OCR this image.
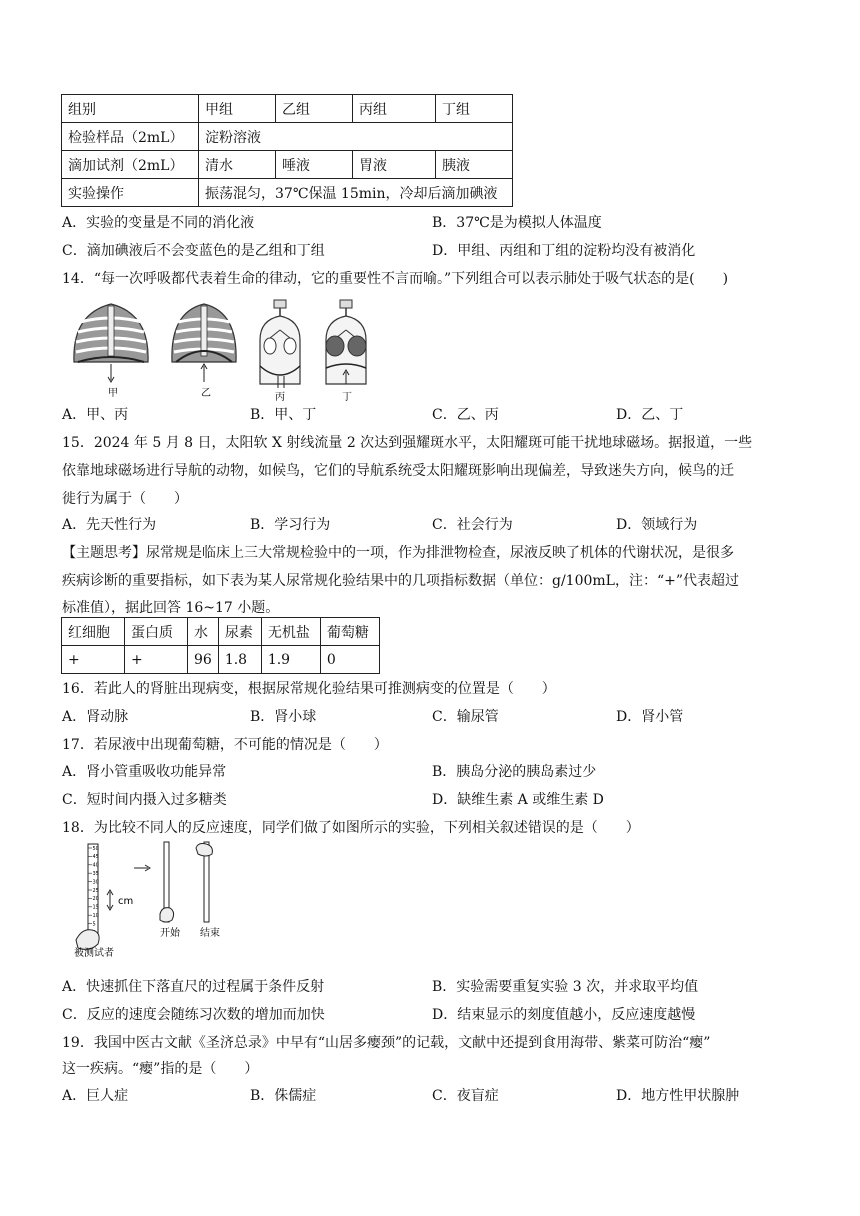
组别	甲组	乙组	丙组	丁组
检验样品（2mL）	淀粉溶液			
滴加试剂（2mL）	清水	唾液	胃液	胰液
实验操作	振荡混匀，37℃保温 15min，冷却后滴加碘液			
A．实验的变量是不同的消化液	B．37℃是为模拟人体温度
C．滴加碘液后不会变蓝色的是乙组和丁组	D．甲组、丙组和丁组的淀粉均没有被消化
14．“每一次呼吸都代表着生命的律动，它的重要性不言而喻。”下列组合可以表示肺处于吸气状态的是(　　)
甲	乙	丙	丁
A．甲、丙	B．甲、丁	C．乙、丙	D．乙、丁
15．2024 年 5 月 8 日，太阳软 X 射线流量 2 次达到强耀斑水平，太阳耀斑可能干扰地球磁场。据报道，一些
依靠地球磁场进行导航的动物，如候鸟，它们的导航系统受太阳耀斑影响出现偏差，导致迷失方向，候鸟的迁
徙行为属于（　　）
A．先天性行为	B．学习行为	C．社会行为	D．领域行为
【主题思考】尿常规是临床上三大常规检验中的一项，作为排泄物检查，尿液反映了机体的代谢状况，是很多
疾病诊断的重要指标，如下表为某人尿常规化验结果中的几项指标数据（单位：g/100mL，注：“+”代表超过
标准值），据此回答 16~17 小题。
红细胞	蛋白质	水	尿素	无机盐	葡萄糖
+	+	96	1.8	1.9	0
16．若此人的肾脏出现病变，根据尿常规化验结果可推测病变的位置是（　　）
A．肾动脉	B．肾小球	C．输尿管	D．肾小管
17．若尿液中出现葡萄糖，不可能的情况是（　　）
A．肾小管重吸收功能异常	B．胰岛分泌的胰岛素过少
C．短时间内摄入过多糖类	D．缺维生素 A 或维生素 D
18．为比较不同人的反应速度，同学们做了如图所示的实验，下列相关叙述错误的是（　　）
50
45
40
35
30
25
20
15
10
5
cm
被测试者
开始 结束
A．快速抓住下落直尺的过程属于条件反射	B．实验需要重复实验 3 次，并求取平均值
C．反应的速度会随练习次数的增加而加快	D．结束显示的刻度值越小，反应速度越慢
19．我国中医古文献《圣济总录》中早有“山居多瘿颈”的记载，文献中还提到食用海带、紫菜可防治“瘿”
这一疾病。“瘿”指的是（　　）
A．巨人症	B．侏儒症	C．夜盲症	D．地方性甲状腺肿
